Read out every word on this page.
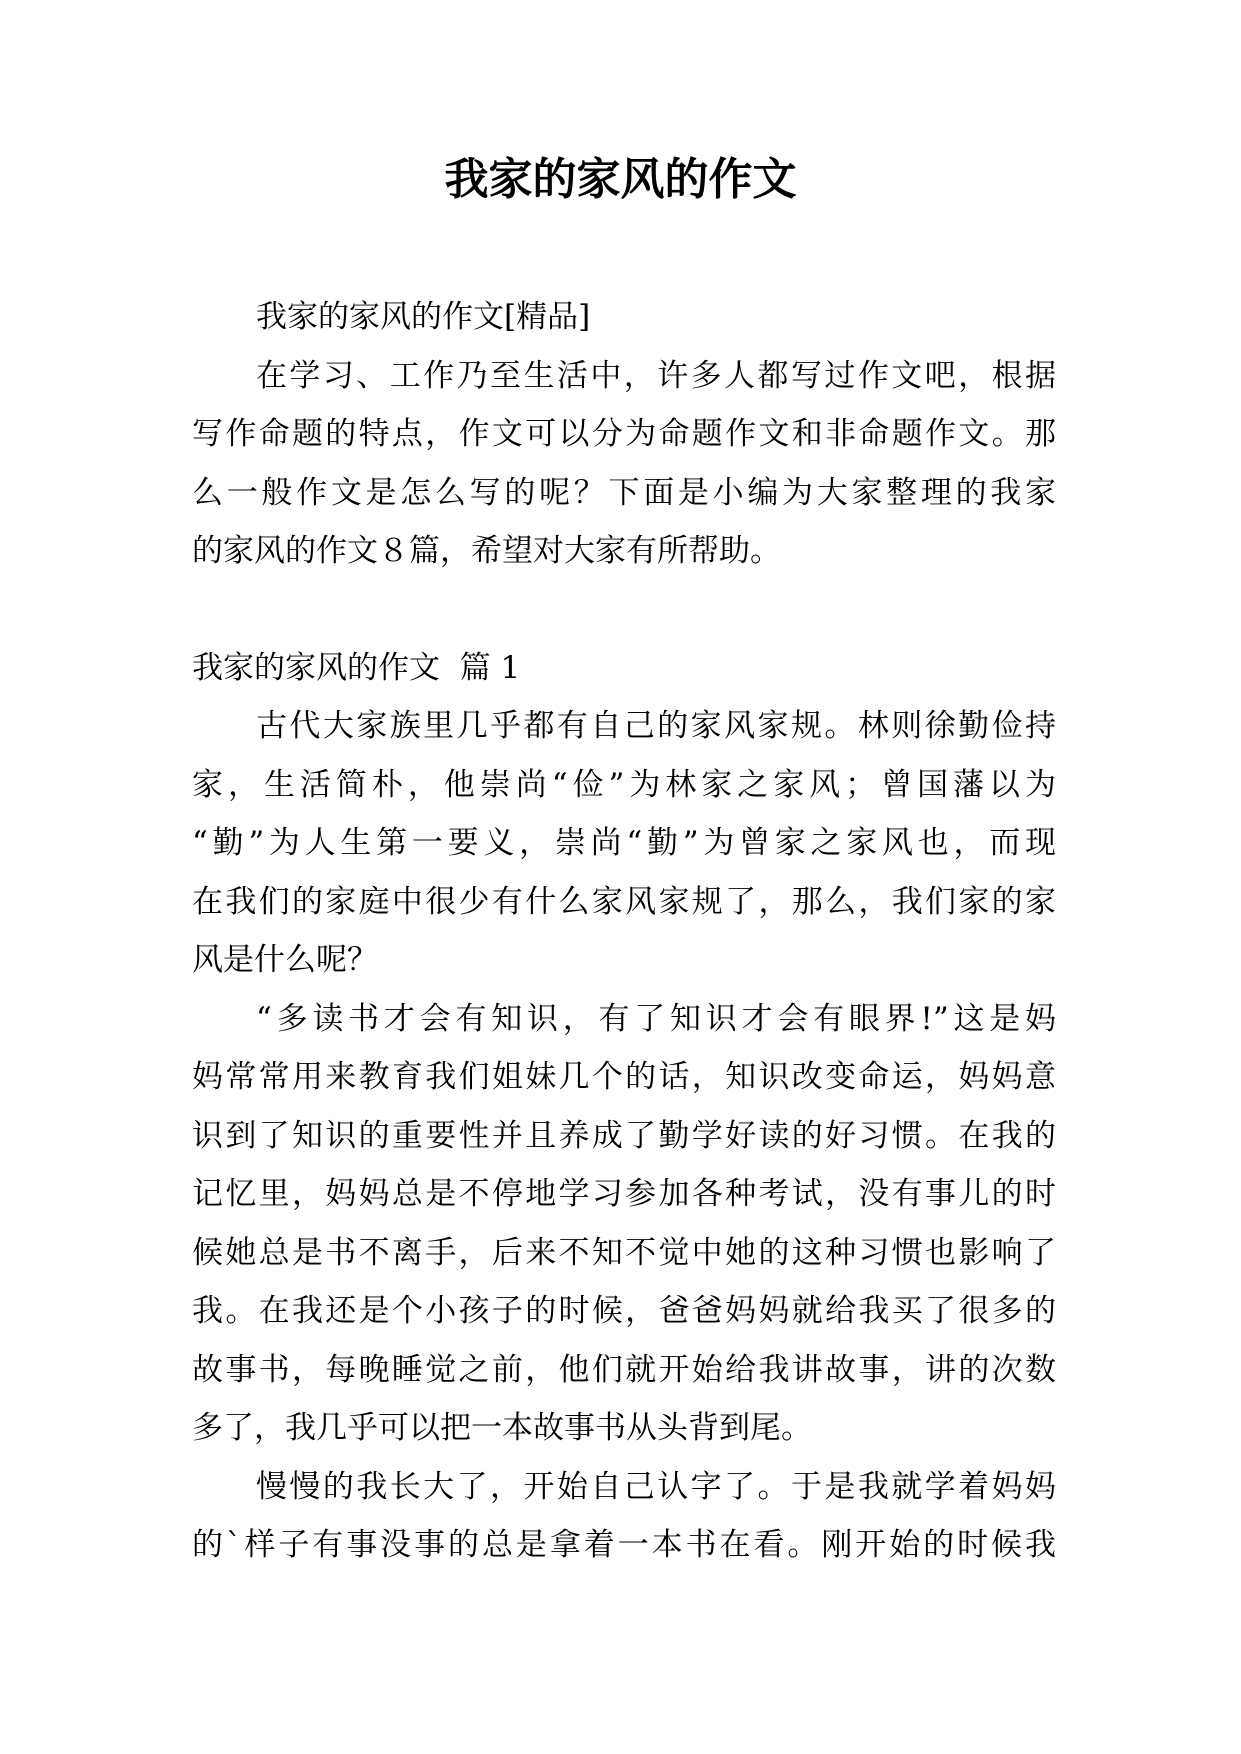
我家的家风的作文
我家的家风的作文[精品]
在学习、工作乃至生活中，许多人都写过作文吧，根据
写作命题的特点，作文可以分为命题作文和非命题作文。那
么一般作文是怎么写的呢？下面是小编为大家整理的我家
的家风的作文８篇，希望对大家有所帮助。
我家的家风的作文  篇 1
古代大家族里几乎都有自己的家风家规。林则徐勤俭持
家，生活简朴，他崇尚“俭”为林家之家风；曾国藩以为
“勤”为人生第一要义，崇尚“勤”为曾家之家风也，而现
在我们的家庭中很少有什么家风家规了，那么，我们家的家
风是什么呢？
“多读书才会有知识，有了知识才会有眼界!”这是妈
妈常常用来教育我们姐妹几个的话，知识改变命运，妈妈意
识到了知识的重要性并且养成了勤学好读的好习惯。在我的
记忆里，妈妈总是不停地学习参加各种考试，没有事儿的时
候她总是书不离手，后来不知不觉中她的这种习惯也影响了
我。在我还是个小孩子的时候，爸爸妈妈就给我买了很多的
故事书，每晚睡觉之前，他们就开始给我讲故事，讲的次数
多了，我几乎可以把一本故事书从头背到尾。
慢慢的我长大了，开始自己认字了。于是我就学着妈妈
的`样子有事没事的总是拿着一本书在看。刚开始的时候我
